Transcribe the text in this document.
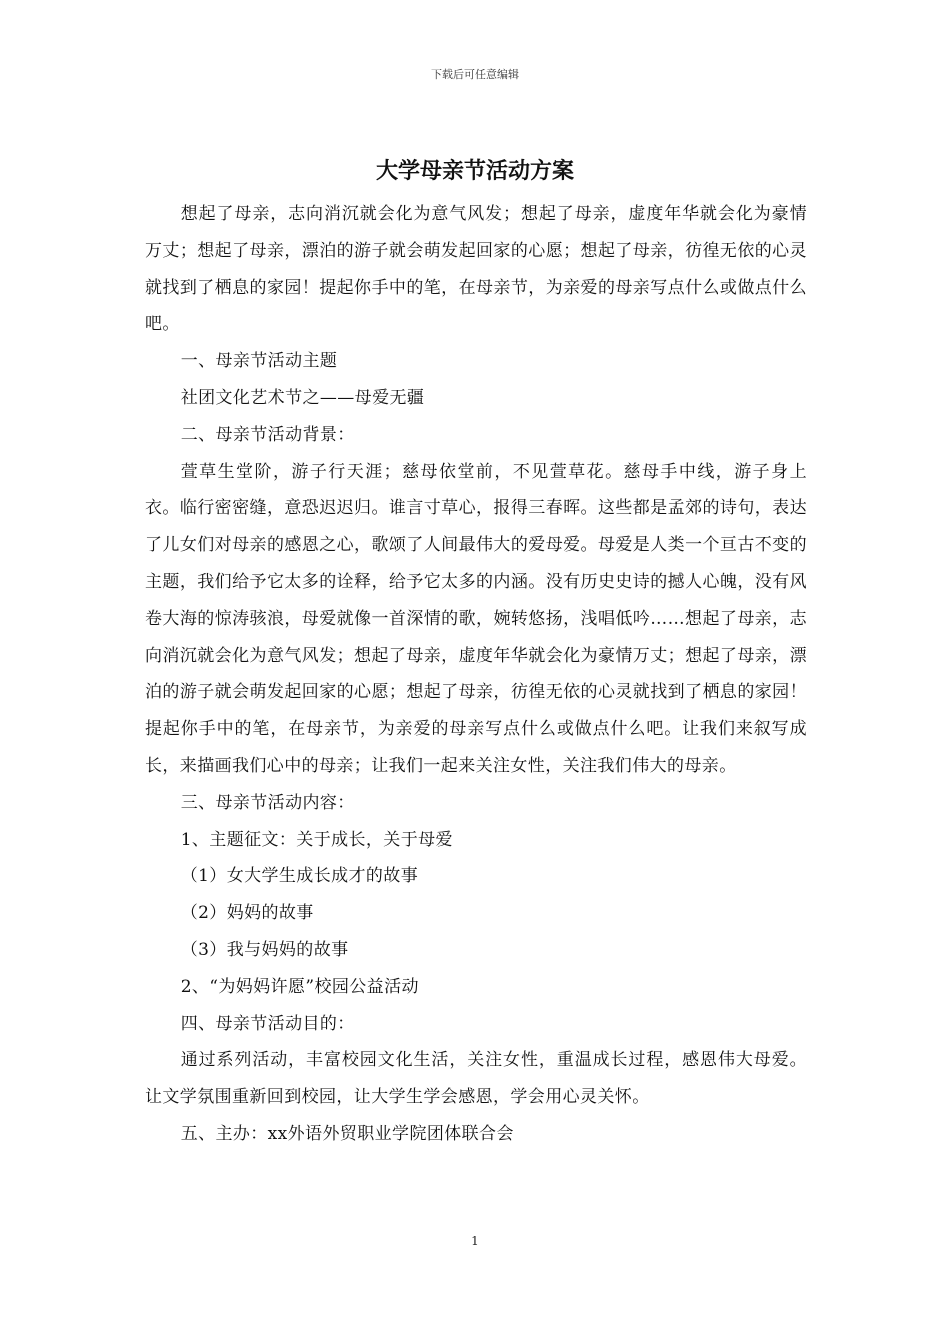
下载后可任意编辑
大学母亲节活动方案

想起了母亲，志向消沉就会化为意气风发；想起了母亲，虚度年华就会化为豪情万丈；想起了母亲，漂泊的游子就会萌发起回家的心愿；想起了母亲，彷徨无依的心灵就找到了栖息的家园！提起你手中的笔，在母亲节，为亲爱的母亲写点什么或做点什么吧。

一、母亲节活动主题

社团文化艺术节之——母爱无疆

二、母亲节活动背景：

萱草生堂阶，游子行天涯；慈母依堂前，不见萱草花。慈母手中线，游子身上衣。临行密密缝，意恐迟迟归。谁言寸草心，报得三春晖。这些都是孟郊的诗句，表达了儿女们对母亲的感恩之心，歌颂了人间最伟大的爱母爱。母爱是人类一个亘古不变的主题，我们给予它太多的诠释，给予它太多的内涵。没有历史史诗的撼人心魄，没有风卷大海的惊涛骇浪，母爱就像一首深情的歌，婉转悠扬，浅唱低吟……想起了母亲，志向消沉就会化为意气风发；想起了母亲，虚度年华就会化为豪情万丈；想起了母亲，漂泊的游子就会萌发起回家的心愿；想起了母亲，彷徨无依的心灵就找到了栖息的家园！提起你手中的笔，在母亲节，为亲爱的母亲写点什么或做点什么吧。让我们来叙写成长，来描画我们心中的母亲；让我们一起来关注女性，关注我们伟大的母亲。

三、母亲节活动内容：

1、主题征文：关于成长，关于母爱

（1）女大学生成长成才的故事

（2）妈妈的故事

（3）我与妈妈的故事

2、“为妈妈许愿”校园公益活动

四、母亲节活动目的：

通过系列活动，丰富校园文化生活，关注女性，重温成长过程，感恩伟大母爱。让文学氛围重新回到校园，让大学生学会感恩，学会用心灵关怀。

五、主办：xx外语外贸职业学院团体联合会

1
